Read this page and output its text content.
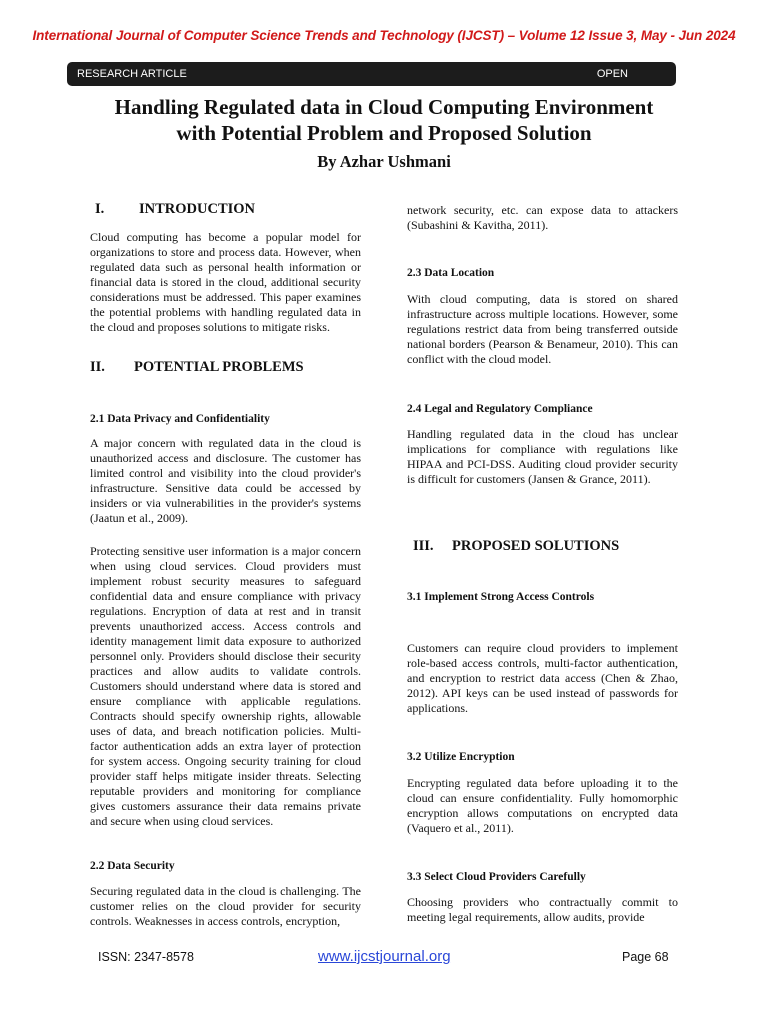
International Journal of Computer Science Trends and Technology (IJCST) – Volume 12 Issue 3, May - Jun 2024
RESEARCH ARTICLE	OPEN
Handling Regulated data in Cloud Computing Environment
with Potential Problem and Proposed Solution
By Azhar Ushmani
I. INTRODUCTION
Cloud computing has become a popular model for organizations to store and process data. However, when regulated data such as personal health information or financial data is stored in the cloud, additional security considerations must be addressed. This paper examines the potential problems with handling regulated data in the cloud and proposes solutions to mitigate risks.
II. POTENTIAL PROBLEMS
2.1 Data Privacy and Confidentiality
A major concern with regulated data in the cloud is unauthorized access and disclosure. The customer has limited control and visibility into the cloud provider's infrastructure. Sensitive data could be accessed by insiders or via vulnerabilities in the provider's systems (Jaatun et al., 2009).
Protecting sensitive user information is a major concern when using cloud services. Cloud providers must implement robust security measures to safeguard confidential data and ensure compliance with privacy regulations. Encryption of data at rest and in transit prevents unauthorized access. Access controls and identity management limit data exposure to authorized personnel only. Providers should disclose their security practices and allow audits to validate controls. Customers should understand where data is stored and ensure compliance with applicable regulations. Contracts should specify ownership rights, allowable uses of data, and breach notification policies. Multi-factor authentication adds an extra layer of protection for system access. Ongoing security training for cloud provider staff helps mitigate insider threats. Selecting reputable providers and monitoring for compliance gives customers assurance their data remains private and secure when using cloud services.
2.2 Data Security
Securing regulated data in the cloud is challenging. The customer relies on the cloud provider for security controls. Weaknesses in access controls, encryption,
network security, etc. can expose data to attackers (Subashini & Kavitha, 2011).
2.3 Data Location
With cloud computing, data is stored on shared infrastructure across multiple locations. However, some regulations restrict data from being transferred outside national borders (Pearson & Benameur, 2010). This can conflict with the cloud model.
2.4 Legal and Regulatory Compliance
Handling regulated data in the cloud has unclear implications for compliance with regulations like HIPAA and PCI-DSS. Auditing cloud provider security is difficult for customers (Jansen & Grance, 2011).
III. PROPOSED SOLUTIONS
3.1 Implement Strong Access Controls
Customers can require cloud providers to implement role-based access controls, multi-factor authentication, and encryption to restrict data access (Chen & Zhao, 2012). API keys can be used instead of passwords for applications.
3.2 Utilize Encryption
Encrypting regulated data before uploading it to the cloud can ensure confidentiality. Fully homomorphic encryption allows computations on encrypted data (Vaquero et al., 2011).
3.3 Select Cloud Providers Carefully
Choosing providers who contractually commit to meeting legal requirements, allow audits, provide
ISSN: 2347-8578	www.ijcstjournal.org	Page 68
